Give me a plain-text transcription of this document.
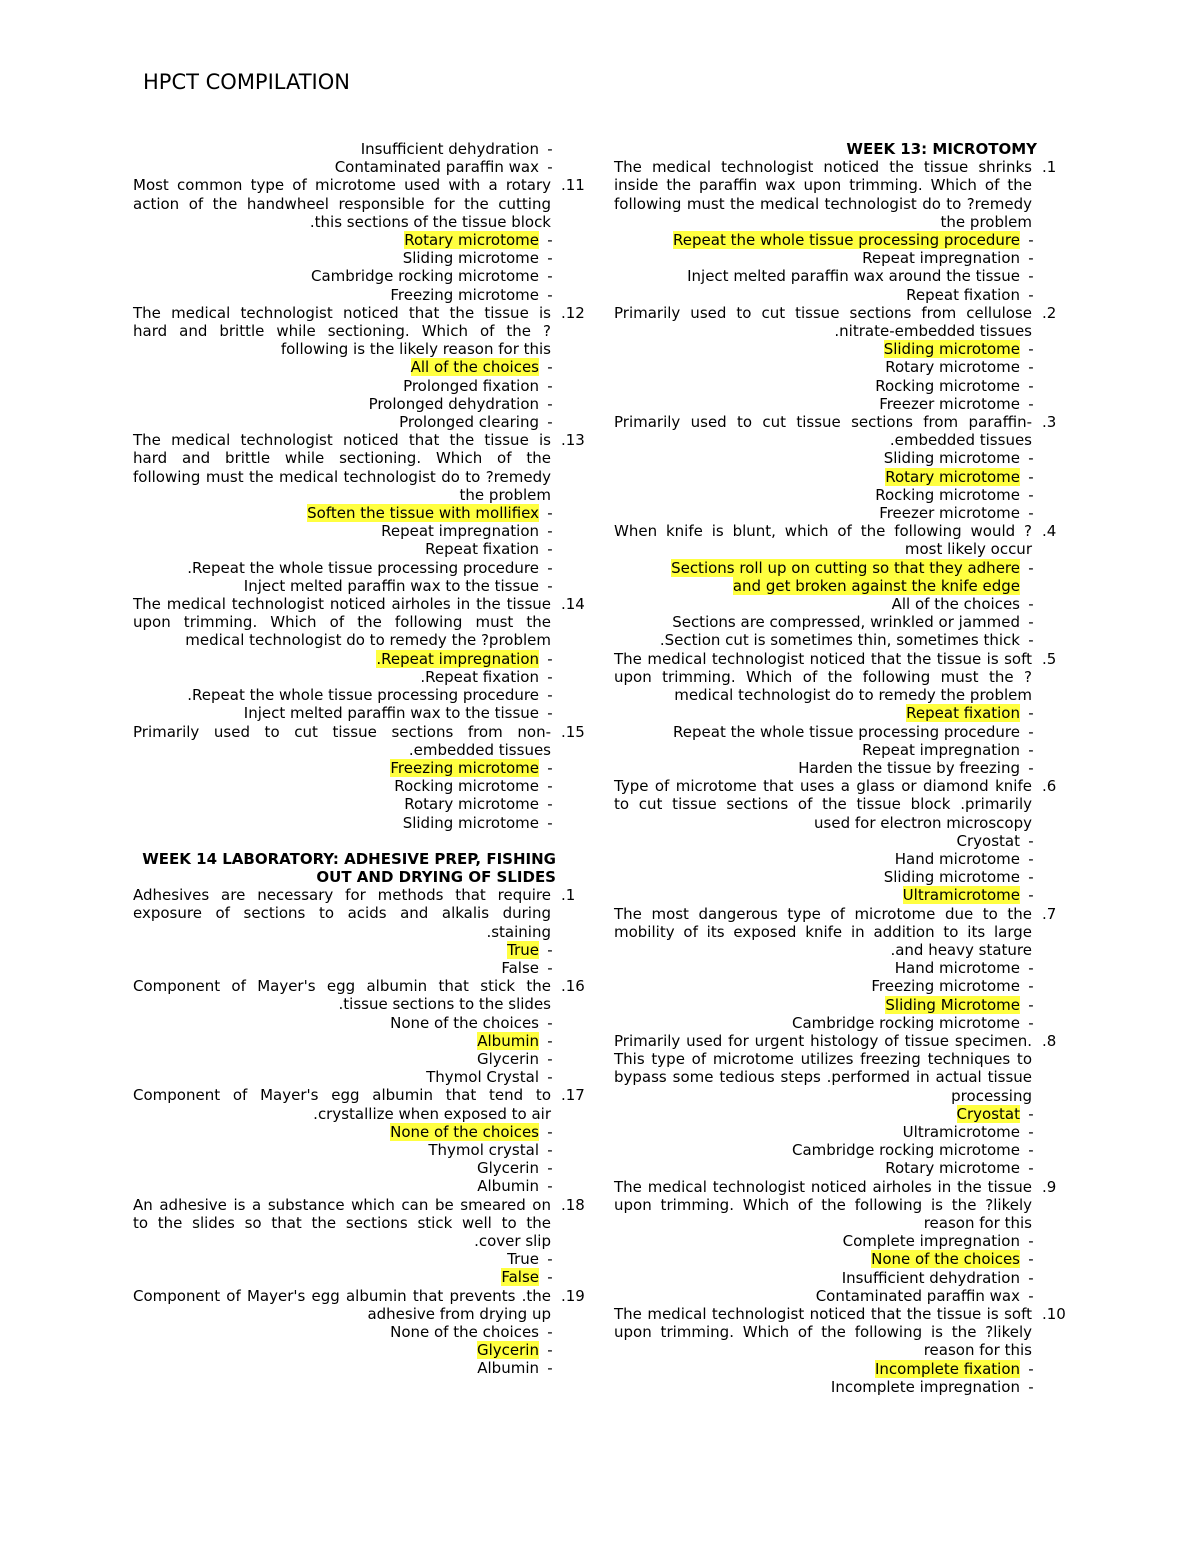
HPCT COMPILATION
Insufficient dehydration -
Contaminated paraffin wax -
Most common type of microtome used with a rotary action of the handwheel responsible for the cutting .this sections of the tissue block
.11
Rotary microtome -
Sliding microtome -
Cambridge rocking microtome -
Freezing microtome -
The medical technologist noticed that the tissue is hard and brittle while sectioning. Which of the ?following is the likely reason for this
.12
All of the choices -
Prolonged fixation -
Prolonged dehydration -
Prolonged clearing -
The medical technologist noticed that the tissue is hard and brittle while sectioning. Which of the following must the medical technologist do to ?remedy the problem
.13
Soften the tissue with mollifiex -
Repeat impregnation -
Repeat fixation -
.Repeat the whole tissue processing procedure -
Inject melted paraffin wax to the tissue -
The medical technologist noticed airholes in the tissue upon trimming. Which of the following must the medical technologist do to remedy the ?problem
.14
.Repeat impregnation -
.Repeat fixation -
.Repeat the whole tissue processing procedure -
Inject melted paraffin wax to the tissue -
Primarily used to cut tissue sections from non- .embedded tissues
.15
Freezing microtome -
Rocking microtome -
Rotary microtome -
Sliding microtome -
WEEK 14 LABORATORY: ADHESIVE PREP, FISHING OUT AND DRYING OF SLIDES
Adhesives are necessary for methods that require exposure of sections to acids and alkalis during .staining
.1
True -
False -
Component of Mayer's egg albumin that stick the .tissue sections to the slides
.16
None of the choices -
Albumin -
Glycerin -
Thymol Crystal -
Component of Mayer's egg albumin that tend to .crystallize when exposed to air
.17
None of the choices -
Thymol crystal -
Glycerin -
Albumin -
An adhesive is a substance which can be smeared on to the slides so that the sections stick well to the .cover slip
.18
True -
False -
Component of Mayer's egg albumin that prevents .the adhesive from drying up
.19
None of the choices -
Glycerin -
Albumin -
WEEK 13: MICROTOMY
The medical technologist noticed the tissue shrinks inside the paraffin wax upon trimming. Which of the following must the medical technologist do to ?remedy the problem
.1
Repeat the whole tissue processing procedure -
Repeat impregnation -
Inject melted paraffin wax around the tissue -
Repeat fixation -
Primarily used to cut tissue sections from cellulose .nitrate-embedded tissues
.2
Sliding microtome -
Rotary microtome -
Rocking microtome -
Freezer microtome -
Primarily used to cut tissue sections from paraffin- .embedded tissues
.3
Sliding microtome -
Rotary microtome -
Rocking microtome -
Freezer microtome -
When knife is blunt, which of the following would ?most likely occur
.4
Sections roll up on cutting so that they adhere -
and get broken against the knife edge
All of the choices -
Sections are compressed, wrinkled or jammed -
.Section cut is sometimes thin, sometimes thick -
The medical technologist noticed that the tissue is soft upon trimming. Which of the following must the ?medical technologist do to remedy the problem
.5
Repeat fixation -
Repeat the whole tissue processing procedure -
Repeat impregnation -
Harden the tissue by freezing -
Type of microtome that uses a glass or diamond knife to cut tissue sections of the tissue block .primarily used for electron microscopy
.6
Cryostat -
Hand microtome -
Sliding microtome -
Ultramicrotome -
The most dangerous type of microtome due to the mobility of its exposed knife in addition to its large .and heavy stature
.7
Hand microtome -
Freezing microtome -
Sliding Microtome -
Cambridge rocking microtome -
Primarily used for urgent histology of tissue specimen. This type of microtome utilizes freezing techniques to bypass some tedious steps .performed in actual tissue processing
.8
Cryostat -
Ultramicrotome -
Cambridge rocking microtome -
Rotary microtome -
The medical technologist noticed airholes in the tissue upon trimming. Which of the following is the ?likely reason for this
.9
Complete impregnation -
None of the choices -
Insufficient dehydration -
Contaminated paraffin wax -
The medical technologist noticed that the tissue is soft upon trimming. Which of the following is the ?likely reason for this
.10
Incomplete fixation -
Incomplete impregnation -
